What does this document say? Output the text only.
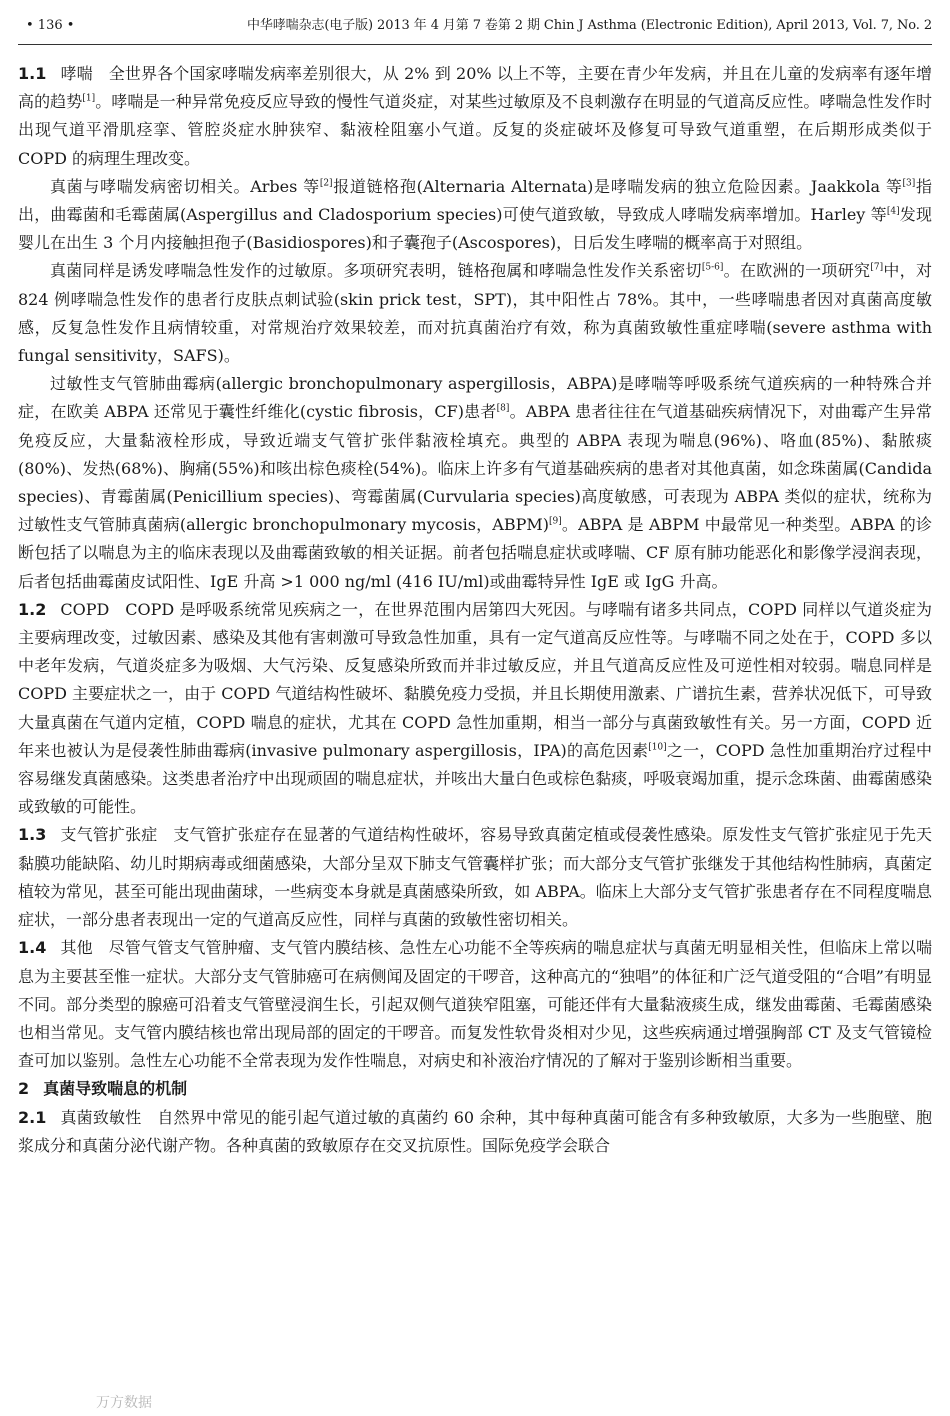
• 136 •	中华哮喘杂志(电子版) 2013 年 4 月第 7 卷第 2 期 Chin J Asthma (Electronic Edition), April 2013, Vol. 7, No. 2

1.1 哮喘 全世界各个国家哮喘发病率差别很大，从 2% 到 20% 以上不等，主要在青少年发病，并且在儿童的发病率有逐年增高的趋势[1]。哮喘是一种异常免疫反应导致的慢性气道炎症，对某些过敏原及不良刺激存在明显的气道高反应性。哮喘急性发作时出现气道平滑肌痉挛、管腔炎症水肿狭窄、黏液栓阻塞小气道。反复的炎症破坏及修复可导致气道重塑，在后期形成类似于 COPD 的病理生理改变。

真菌与哮喘发病密切相关。Arbes 等[2]报道链格孢(Alternaria Alternata)是哮喘发病的独立危险因素。Jaakkola 等[3]指出，曲霉菌和毛霉菌属(Aspergillus and Cladosporium species)可使气道致敏，导致成人哮喘发病率增加。Harley 等[4]发现婴儿在出生 3 个月内接触担孢子(Basidiospores)和子囊孢子(Ascospores)，日后发生哮喘的概率高于对照组。

真菌同样是诱发哮喘急性发作的过敏原。多项研究表明，链格孢属和哮喘急性发作关系密切[5-6]。在欧洲的一项研究[7]中，对 824 例哮喘急性发作的患者行皮肤点刺试验(skin prick test，SPT)，其中阳性占 78%。其中，一些哮喘患者因对真菌高度敏感，反复急性发作且病情较重，对常规治疗效果较差，而对抗真菌治疗有效，称为真菌致敏性重症哮喘(severe asthma with fungal sensitivity，SAFS)。

过敏性支气管肺曲霉病(allergic bronchopulmonary aspergillosis，ABPA)是哮喘等呼吸系统气道疾病的一种特殊合并症，在欧美 ABPA 还常见于囊性纤维化(cystic fibrosis，CF)患者[8]。ABPA 患者往往在气道基础疾病情况下，对曲霉产生异常免疫反应，大量黏液栓形成，导致近端支气管扩张伴黏液栓填充。典型的 ABPA 表现为喘息(96%)、咯血(85%)、黏脓痰(80%)、发热(68%)、胸痛(55%)和咳出棕色痰栓(54%)。临床上许多有气道基础疾病的患者对其他真菌，如念珠菌属(Candida species)、青霉菌属(Penicillium species)、弯霉菌属(Curvularia species)高度敏感，可表现为 ABPA 类似的症状，统称为过敏性支气管肺真菌病(allergic bronchopulmonary mycosis，ABPM)[9]。ABPA 是 ABPM 中最常见一种类型。ABPA 的诊断包括了以喘息为主的临床表现以及曲霉菌致敏的相关证据。前者包括喘息症状或哮喘、CF 原有肺功能恶化和影像学浸润表现，后者包括曲霉菌皮试阳性、IgE 升高 >1 000 ng/ml (416 IU/ml)或曲霉特异性 IgE 或 IgG 升高。

1.2 COPD COPD 是呼吸系统常见疾病之一，在世界范围内居第四大死因。与哮喘有诸多共同点，COPD 同样以气道炎症为主要病理改变，过敏因素、感染及其他有害刺激可导致急性加重，具有一定气道高反应性等。与哮喘不同之处在于，COPD 多以中老年发病，气道炎症多为吸烟、大气污染、反复感染所致而并非过敏反应，并且气道高反应性及可逆性相对较弱。喘息同样是 COPD 主要症状之一，由于 COPD 气道结构性破坏、黏膜免疫力受损，并且长期使用激素、广谱抗生素，营养状况低下，可导致大量真菌在气道内定植，COPD 喘息的症状，尤其在 COPD 急性加重期，相当一部分与真菌致敏性有关。另一方面，COPD 近年来也被认为是侵袭性肺曲霉病(invasive pulmonary aspergillosis，IPA)的高危因素[10]之一，COPD 急性加重期治疗过程中容易继发真菌感染。这类患者治疗中出现顽固的喘息症状，并咳出大量白色或棕色黏痰，呼吸衰竭加重，提示念珠菌、曲霉菌感染或致敏的可能性。

1.3 支气管扩张症 支气管扩张症存在显著的气道结构性破坏，容易导致真菌定植或侵袭性感染。原发性支气管扩张症见于先天黏膜功能缺陷、幼儿时期病毒或细菌感染，大部分呈双下肺支气管囊样扩张；而大部分支气管扩张继发于其他结构性肺病，真菌定植较为常见，甚至可能出现曲菌球，一些病变本身就是真菌感染所致，如 ABPA。临床上大部分支气管扩张患者存在不同程度喘息症状，一部分患者表现出一定的气道高反应性，同样与真菌的致敏性密切相关。

1.4 其他 尽管气管支气管肿瘤、支气管内膜结核、急性左心功能不全等疾病的喘息症状与真菌无明显相关性，但临床上常以喘息为主要甚至惟一症状。大部分支气管肺癌可在病侧闻及固定的干啰音，这种高亢的“独唱”的体征和广泛气道受阻的“合唱”有明显不同。部分类型的腺癌可沿着支气管壁浸润生长，引起双侧气道狭窄阻塞，可能还伴有大量黏液痰生成，继发曲霉菌、毛霉菌感染也相当常见。支气管内膜结核也常出现局部的固定的干啰音。而复发性软骨炎相对少见，这些疾病通过增强胸部 CT 及支气管镜检查可加以鉴别。急性左心功能不全常表现为发作性喘息，对病史和补液治疗情况的了解对于鉴别诊断相当重要。

2 真菌导致喘息的机制

2.1 真菌致敏性 自然界中常见的能引起气道过敏的真菌约 60 余种，其中每种真菌可能含有多种致敏原，大多为一些胞壁、胞浆成分和真菌分泌代谢产物。各种真菌的致敏原存在交叉抗原性。国际免疫学会联合

万方数据
